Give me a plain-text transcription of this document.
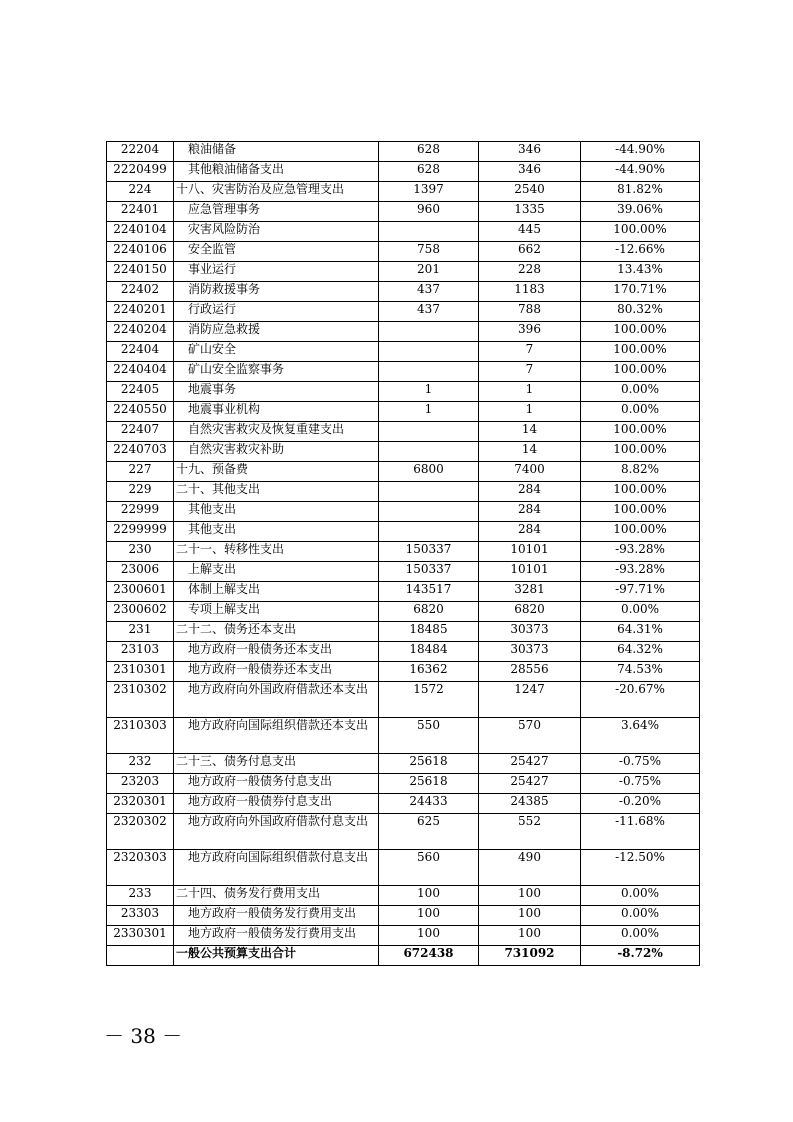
22204	　粮油储备	628	346	-44.90%
2220499	　其他粮油储备支出	628	346	-44.90%
224	十八、灾害防治及应急管理支出	1397	2540	81.82%
22401	　应急管理事务	960	1335	39.06%
2240104	　灾害风险防治		445	100.00%
2240106	　安全监管	758	662	-12.66%
2240150	　事业运行	201	228	13.43%
22402	　消防救援事务	437	1183	170.71%
2240201	　行政运行	437	788	80.32%
2240204	　消防应急救援		396	100.00%
22404	　矿山安全		7	100.00%
2240404	　矿山安全监察事务		7	100.00%
22405	　地震事务	1	1	0.00%
2240550	　地震事业机构	1	1	0.00%
22407	　自然灾害救灾及恢复重建支出		14	100.00%
2240703	　自然灾害救灾补助		14	100.00%
227	十九、预备费	6800	7400	8.82%
229	二十、其他支出		284	100.00%
22999	　其他支出		284	100.00%
2299999	　其他支出		284	100.00%
230	二十一、转移性支出	150337	10101	-93.28%
23006	　上解支出	150337	10101	-93.28%
2300601	　体制上解支出	143517	3281	-97.71%
2300602	　专项上解支出	6820	6820	0.00%
231	二十二、债务还本支出	18485	30373	64.31%
23103	　地方政府一般债务还本支出	18484	30373	64.32%
2310301	　地方政府一般债券还本支出	16362	28556	74.53%
2310302	　地方政府向外国政府借款还本支出	1572	1247	-20.67%
2310303	　地方政府向国际组织借款还本支出	550	570	3.64%
232	二十三、债务付息支出	25618	25427	-0.75%
23203	　地方政府一般债务付息支出	25618	25427	-0.75%
2320301	　地方政府一般债券付息支出	24433	24385	-0.20%
2320302	　地方政府向外国政府借款付息支出	625	552	-11.68%
2320303	　地方政府向国际组织借款付息支出	560	490	-12.50%
233	二十四、债务发行费用支出	100	100	0.00%
23303	　地方政府一般债务发行费用支出	100	100	0.00%
2330301	　地方政府一般债务发行费用支出	100	100	0.00%
	一般公共预算支出合计	672438	731092	-8.72%
－ 38 －
